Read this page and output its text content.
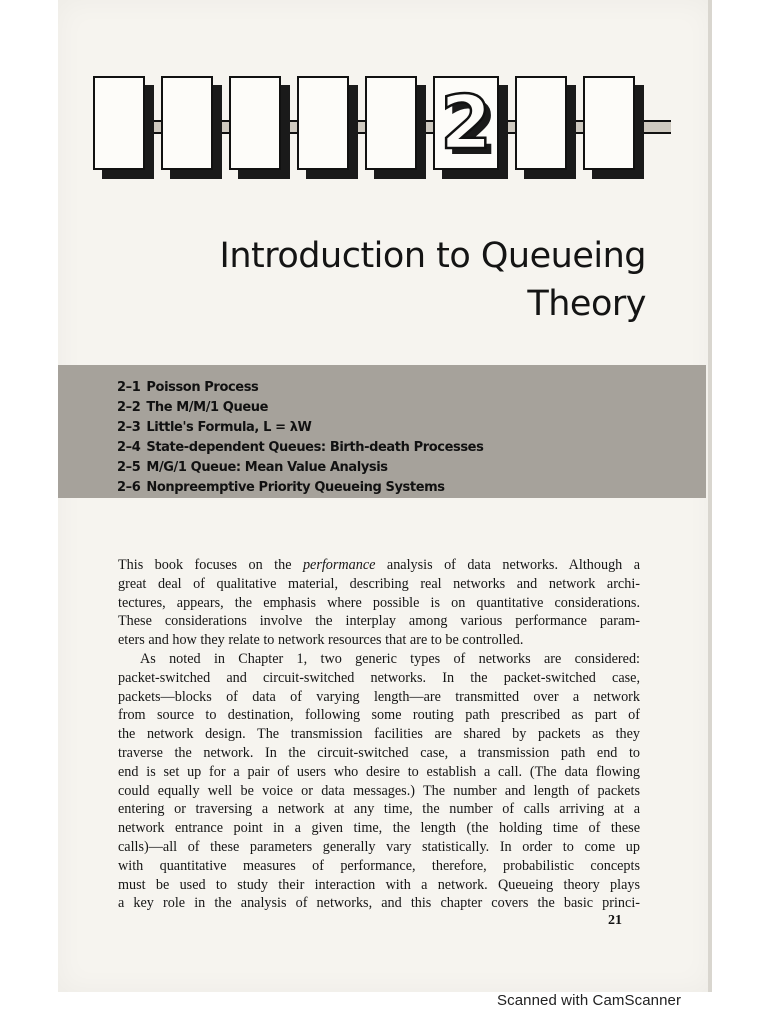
2
Introduction to Queueing
Theory
2–1 Poisson Process
2–2 The M/M/1 Queue
2–3 Little's Formula, L = λW
2–4 State-dependent Queues: Birth-death Processes
2–5 M/G/1 Queue: Mean Value Analysis
2–6 Nonpreemptive Priority Queueing Systems

This book focuses on the performance analysis of data networks. Although a
great deal of qualitative material, describing real networks and network archi-
tectures, appears, the emphasis where possible is on quantitative considerations.
These considerations involve the interplay among various performance param-
eters and how they relate to network resources that are to be controlled.

As noted in Chapter 1, two generic types of networks are considered:
packet-switched and circuit-switched networks. In the packet-switched case,
packets—blocks of data of varying length—are transmitted over a network
from source to destination, following some routing path prescribed as part of
the network design. The transmission facilities are shared by packets as they
traverse the network. In the circuit-switched case, a transmission path end to
end is set up for a pair of users who desire to establish a call. (The data flowing
could equally well be voice or data messages.) The number and length of packets
entering or traversing a network at any time, the number of calls arriving at a
network entrance point in a given time, the length (the holding time of these
calls)—all of these parameters generally vary statistically. In order to come up
with quantitative measures of performance, therefore, probabilistic concepts
must be used to study their interaction with a network. Queueing theory plays
a key role in the analysis of networks, and this chapter covers the basic princi-

21
Scanned with CamScanner
